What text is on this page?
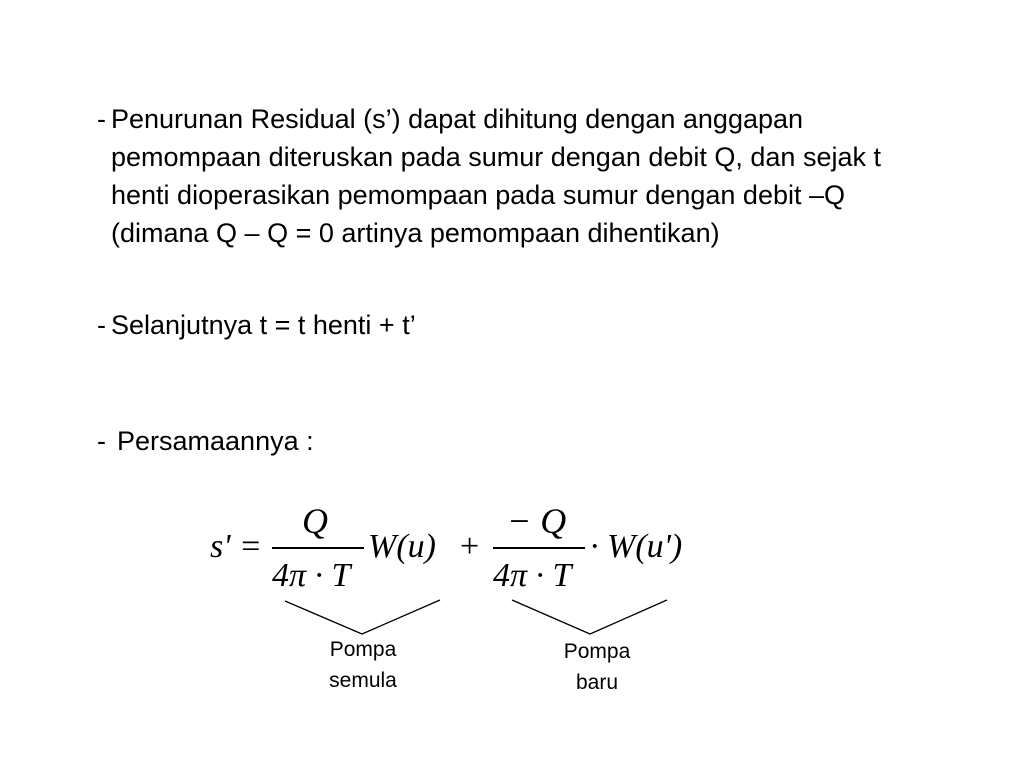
- Penurunan Residual (s’) dapat dihitung dengan anggapan pemompaan diteruskan pada sumur dengan debit Q, dan sejak t henti dioperasikan pemompaan pada sumur dengan debit –Q (dimana Q – Q = 0 artinya pemompaan dihentikan)
- Selanjutnya t = t henti + t’
- Persamaannya :
s' =
Q
4π · T
W(u) +
− Q
4π · T
· W(u')
Pompa
semula
Pompa
baru
